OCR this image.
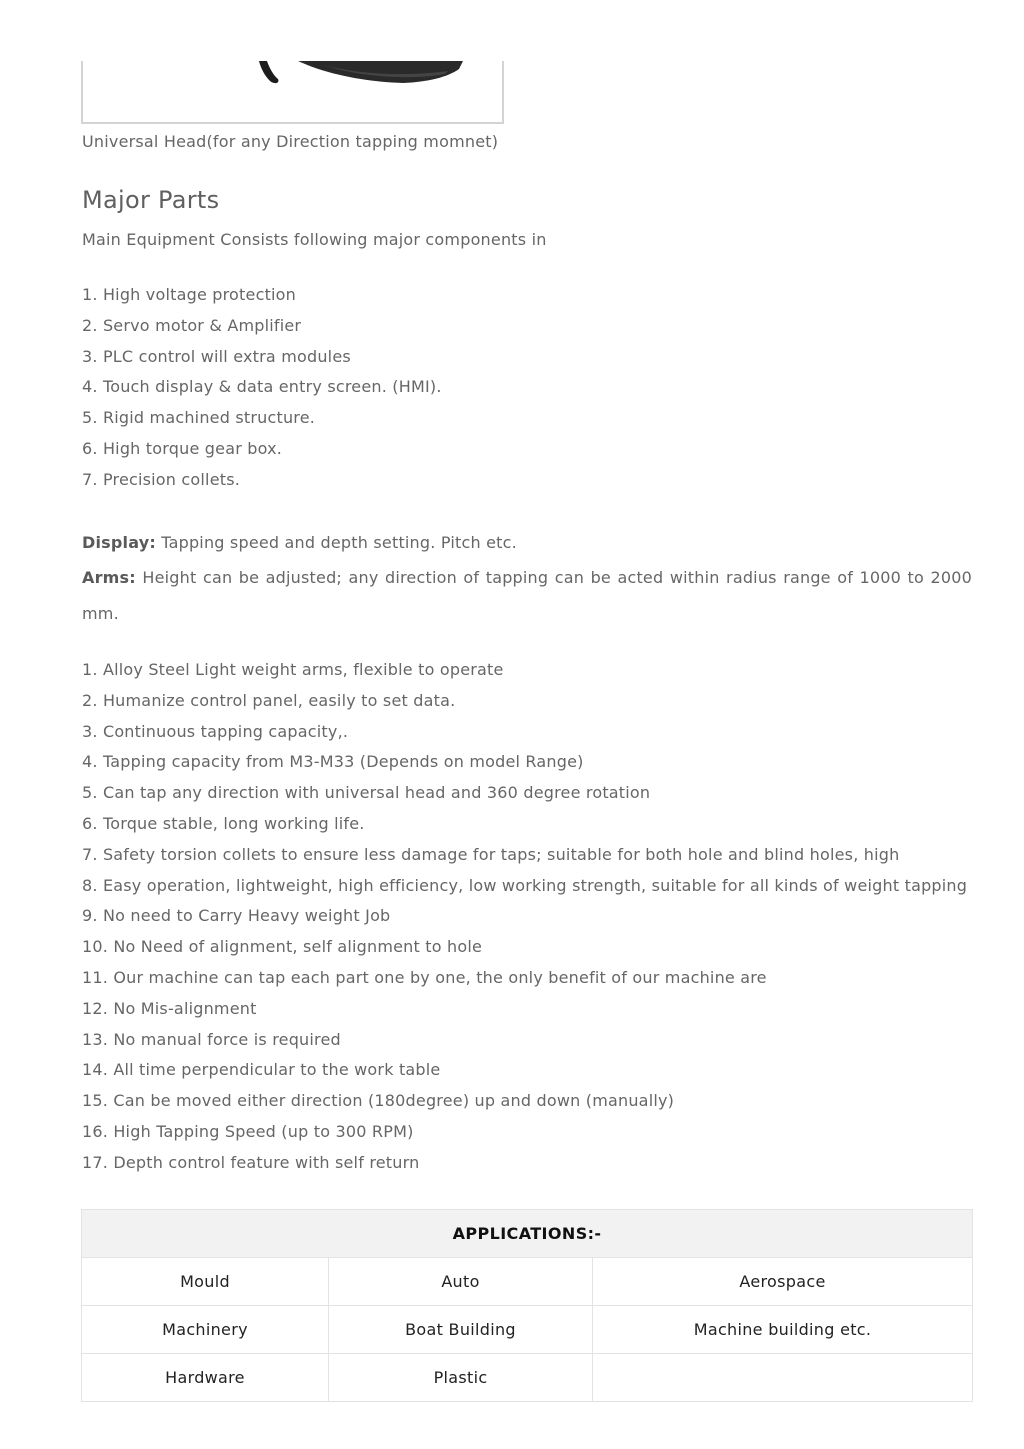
Universal Head(for any Direction tapping momnet)
Major Parts
Main Equipment Consists following major components in
1. High voltage protection
2. Servo motor & Amplifier
3. PLC control will extra modules
4. Touch display & data entry screen. (HMI).
5. Rigid machined structure.
6. High torque gear box.
7. Precision collets.
Display: Tapping speed and depth setting. Pitch etc.
Arms: Height can be adjusted; any direction of tapping can be acted within radius range of 1000 to 2000 mm.
1. Alloy Steel Light weight arms, flexible to operate
2. Humanize control panel, easily to set data.
3. Continuous tapping capacity,.
4. Tapping capacity from M3-M33 (Depends on model Range)
5. Can tap any direction with universal head and 360 degree rotation
6. Torque stable, long working life.
7. Safety torsion collets to ensure less damage for taps; suitable for both hole and blind holes, high
8. Easy operation, lightweight, high efficiency, low working strength, suitable for all kinds of weight tapping
9. No need to Carry Heavy weight Job
10. No Need of alignment, self alignment to hole
11. Our machine can tap each part one by one, the only benefit of our machine are
12. No Mis-alignment
13. No manual force is required
14. All time perpendicular to the work table
15. Can be moved either direction (180degree) up and down (manually)
16. High Tapping Speed (up to 300 RPM)
17. Depth control feature with self return
APPLICATIONS:-		
Mould	Auto	Aerospace
Machinery	Boat Building	Machine building etc.
Hardware	Plastic	
